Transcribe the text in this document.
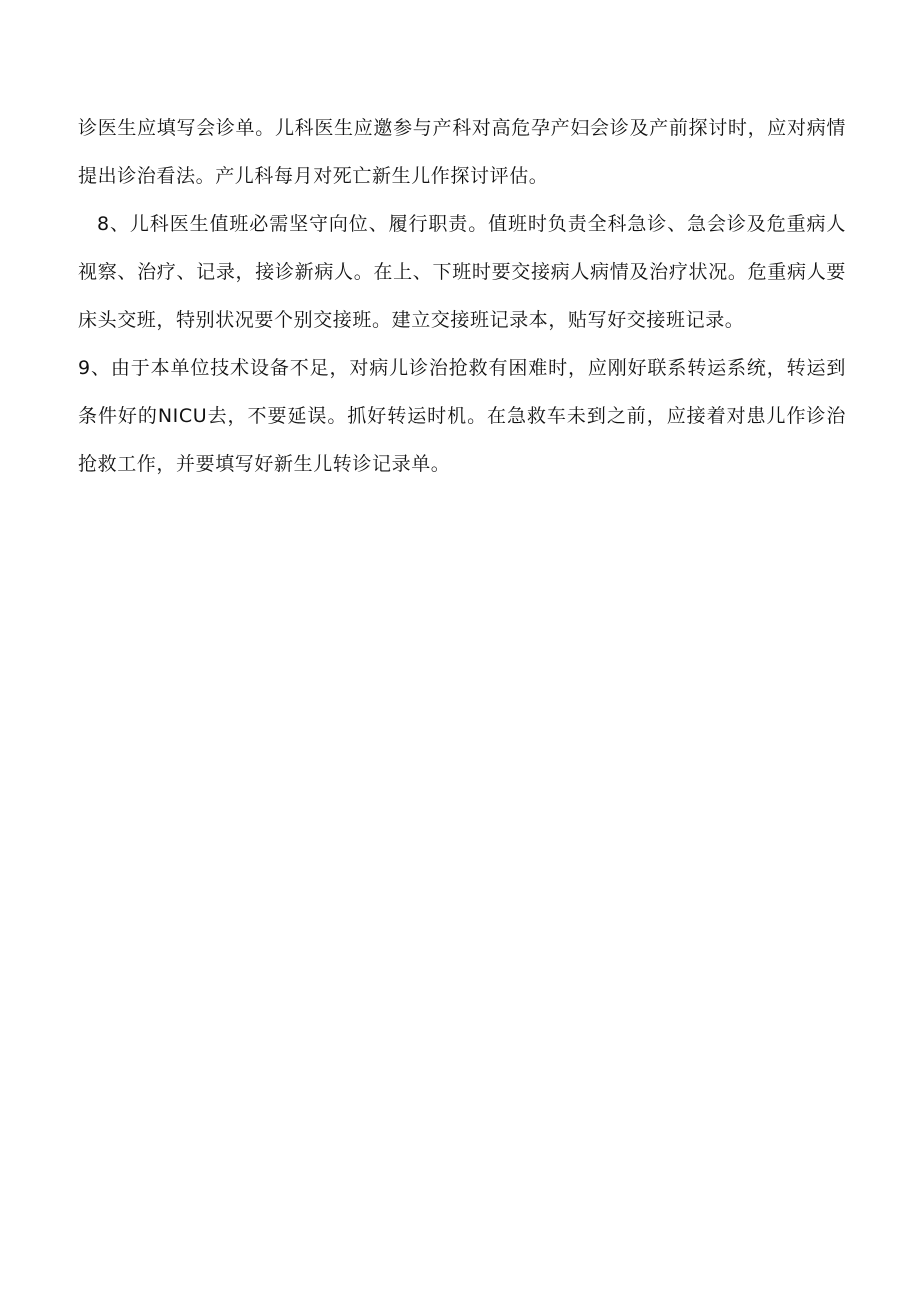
诊医生应填写会诊单。儿科医生应邀参与产科对高危孕产妇会诊及产前探讨时，应对病情提出诊治看法。产儿科每月对死亡新生儿作探讨评估。

8、儿科医生值班必需坚守向位、履行职责。值班时负责全科急诊、急会诊及危重病人视察、治疗、记录，接诊新病人。在上、下班时要交接病人病情及治疗状况。危重病人要床头交班，特别状况要个别交接班。建立交接班记录本，贴写好交接班记录。

9、由于本单位技术设备不足，对病儿诊治抢救有困难时，应刚好联系转运系统，转运到条件好的NICU去，不要延误。抓好转运时机。在急救车未到之前，应接着对患儿作诊治抢救工作，并要填写好新生儿转诊记录单。
